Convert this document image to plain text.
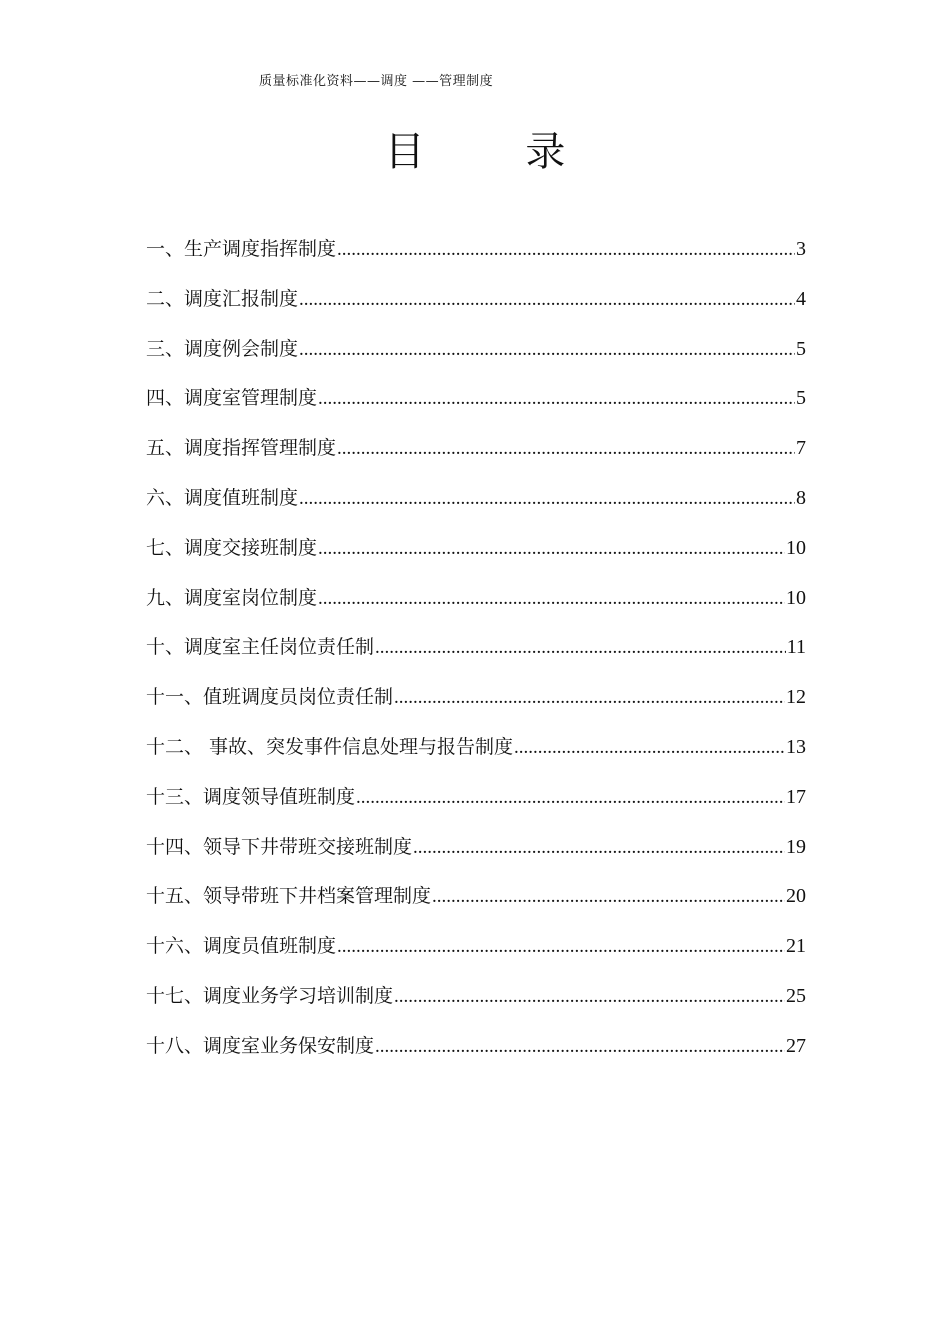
质量标准化资料——调度 ——管理制度
目 录
一、生产调度指挥制度 .....	3
二、调度汇报制度 .....	4
三、调度例会制度 .....	5
四、调度室管理制度 .....	5
五、调度指挥管理制度 .....	7
六、调度值班制度 .....	8
七、调度交接班制度 .....	10
九、调度室岗位制度 .....	10
十、调度室主任岗位责任制 .....	11
十一、值班调度员岗位责任制 .....	12
十二、 事故、突发事件信息处理与报告制度 .....	13
十三、调度领导值班制度 .....	17
十四、领导下井带班交接班制度 .....	19
十五、领导带班下井档案管理制度 .....	20
十六、调度员值班制度 .....	21
十七、调度业务学习培训制度 .....	25
十八、调度室业务保安制度 .....	27
